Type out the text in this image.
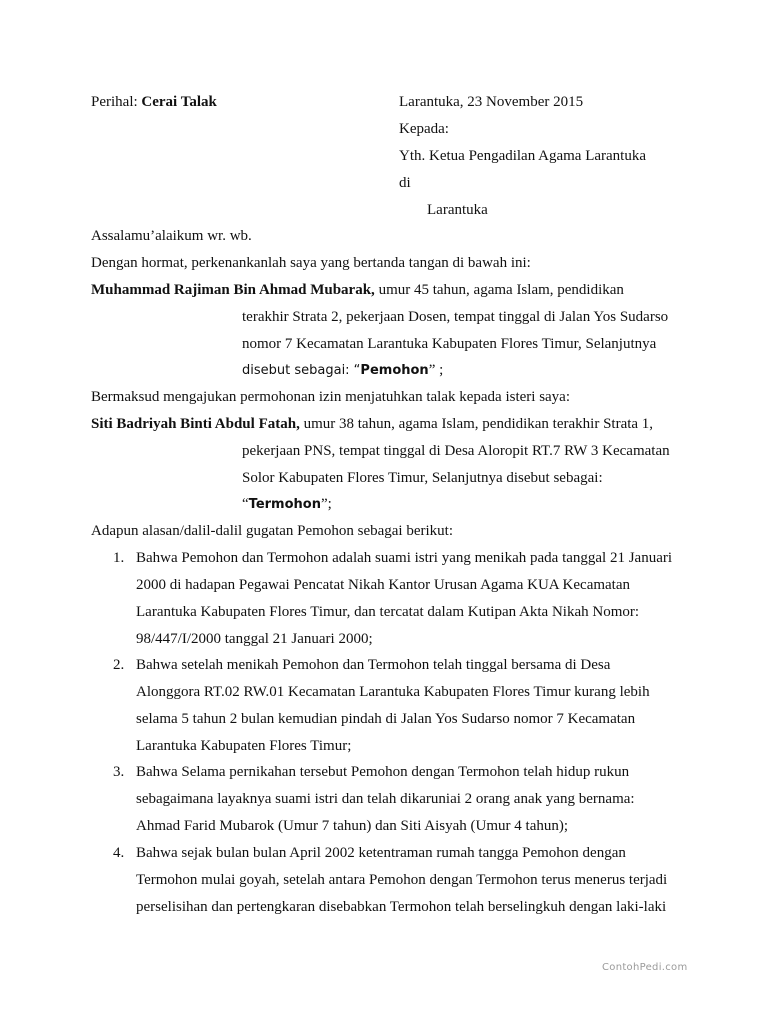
Perihal: Cerai Talak	Larantuka, 23 November 2015
Kepada:
Yth. Ketua Pengadilan Agama Larantuka
di
Larantuka
Assalamu’alaikum wr. wb.
Dengan hormat, perkenankanlah saya yang bertanda tangan di bawah ini:
Muhammad Rajiman Bin Ahmad Mubarak, umur 45 tahun, agama Islam, pendidikan
terakhir Strata 2, pekerjaan Dosen, tempat tinggal di Jalan Yos Sudarso
nomor 7 Kecamatan Larantuka Kabupaten Flores Timur, Selanjutnya
disebut sebagai: “Pemohon” ;
Bermaksud mengajukan permohonan izin menjatuhkan talak kepada isteri saya:
Siti Badriyah Binti Abdul Fatah, umur 38 tahun, agama Islam, pendidikan terakhir Strata 1,
pekerjaan PNS, tempat tinggal di Desa Aloropit RT.7 RW 3 Kecamatan
Solor Kabupaten Flores Timur, Selanjutnya disebut sebagai:
“Termohon”;
Adapun alasan/dalil-dalil gugatan Pemohon sebagai berikut:
1. Bahwa Pemohon dan Termohon adalah suami istri yang menikah pada tanggal 21 Januari
2000 di hadapan Pegawai Pencatat Nikah Kantor Urusan Agama KUA Kecamatan
Larantuka Kabupaten Flores Timur, dan tercatat dalam Kutipan Akta Nikah Nomor:
98/447/I/2000 tanggal 21 Januari 2000;
2. Bahwa setelah menikah Pemohon dan Termohon telah tinggal bersama di Desa
Alonggora RT.02 RW.01 Kecamatan Larantuka Kabupaten Flores Timur kurang lebih
selama 5 tahun 2 bulan kemudian pindah di Jalan Yos Sudarso nomor 7 Kecamatan
Larantuka Kabupaten Flores Timur;
3. Bahwa Selama pernikahan tersebut Pemohon dengan Termohon telah hidup rukun
sebagaimana layaknya suami istri dan telah dikaruniai 2 orang anak yang bernama:
Ahmad Farid Mubarok (Umur 7 tahun) dan Siti Aisyah (Umur 4 tahun);
4. Bahwa sejak bulan bulan April 2002 ketentraman rumah tangga Pemohon dengan
Termohon mulai goyah, setelah antara Pemohon dengan Termohon terus menerus terjadi
perselisihan dan pertengkaran disebabkan Termohon telah berselingkuh dengan laki-laki
ContohPedi.com
